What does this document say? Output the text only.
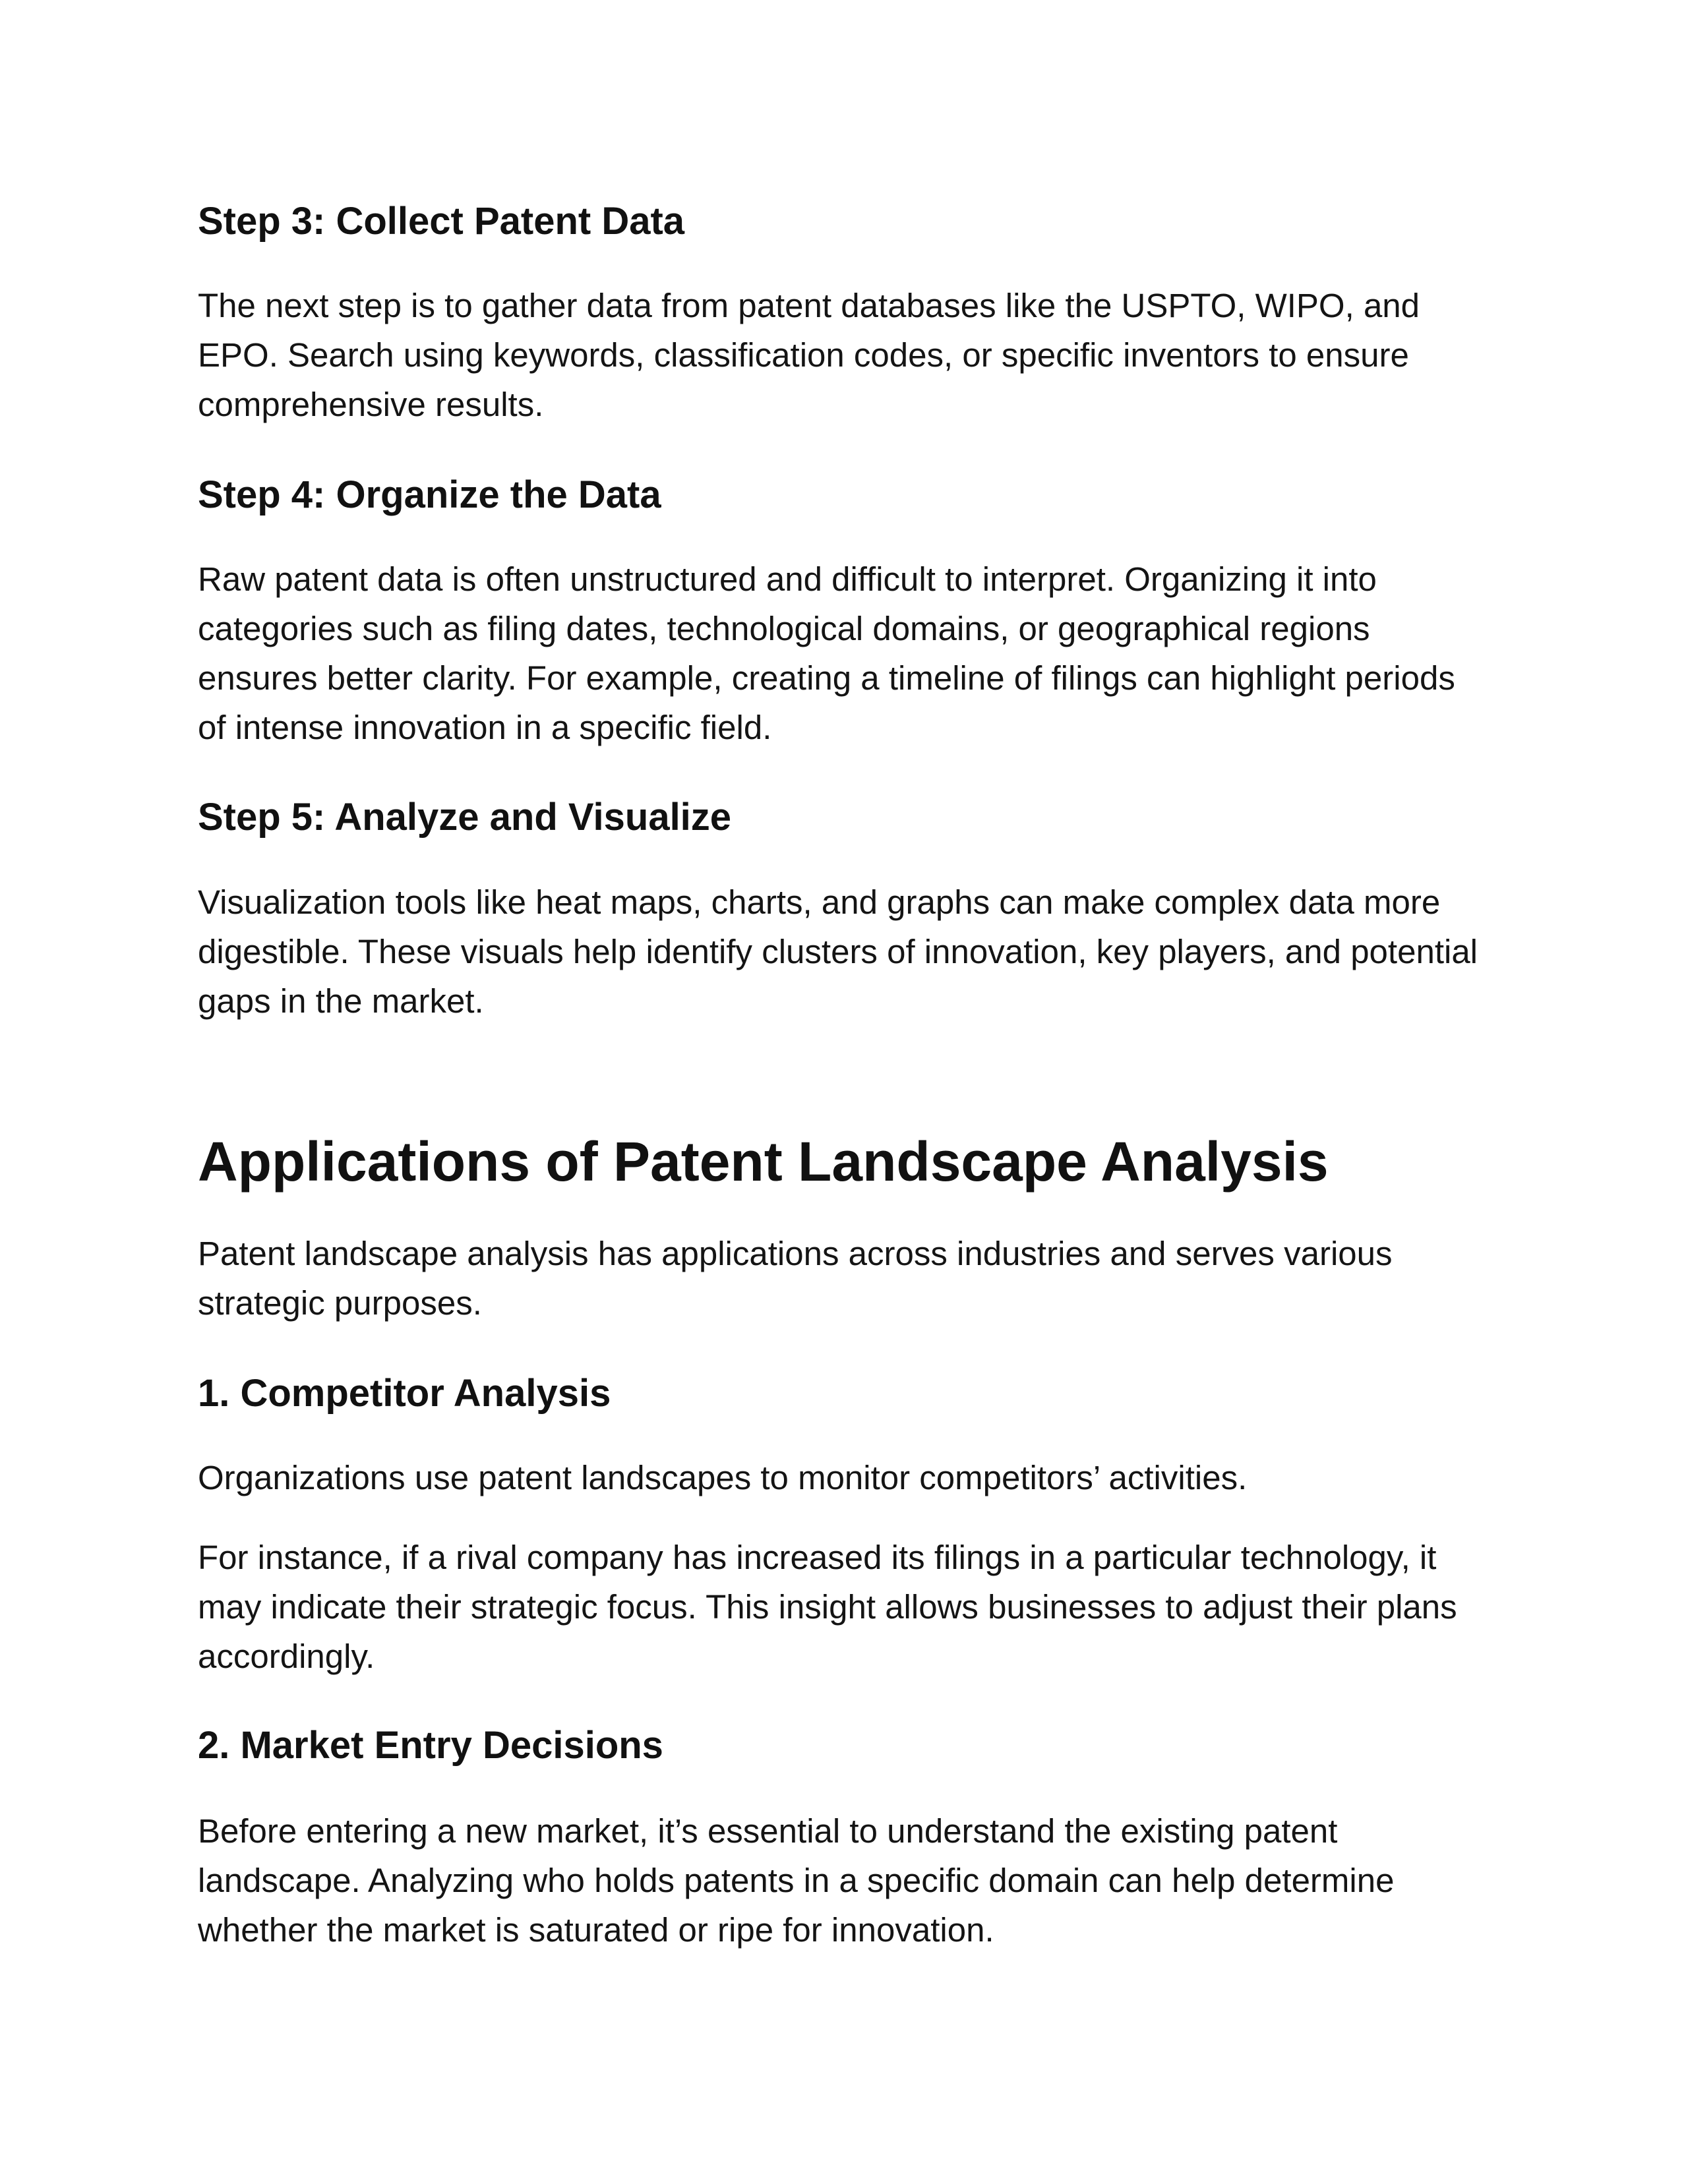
Step 3: Collect Patent Data

The next step is to gather data from patent databases like the USPTO, WIPO, and EPO. Search using keywords, classification codes, or specific inventors to ensure comprehensive results.

Step 4: Organize the Data

Raw patent data is often unstructured and difficult to interpret. Organizing it into categories such as filing dates, technological domains, or geographical regions ensures better clarity. For example, creating a timeline of filings can highlight periods of intense innovation in a specific field.

Step 5: Analyze and Visualize

Visualization tools like heat maps, charts, and graphs can make complex data more digestible. These visuals help identify clusters of innovation, key players, and potential gaps in the market.

Applications of Patent Landscape Analysis

Patent landscape analysis has applications across industries and serves various strategic purposes.

1. Competitor Analysis

Organizations use patent landscapes to monitor competitors’ activities.

For instance, if a rival company has increased its filings in a particular technology, it may indicate their strategic focus. This insight allows businesses to adjust their plans accordingly.

2. Market Entry Decisions

Before entering a new market, it’s essential to understand the existing patent landscape. Analyzing who holds patents in a specific domain can help determine whether the market is saturated or ripe for innovation.
